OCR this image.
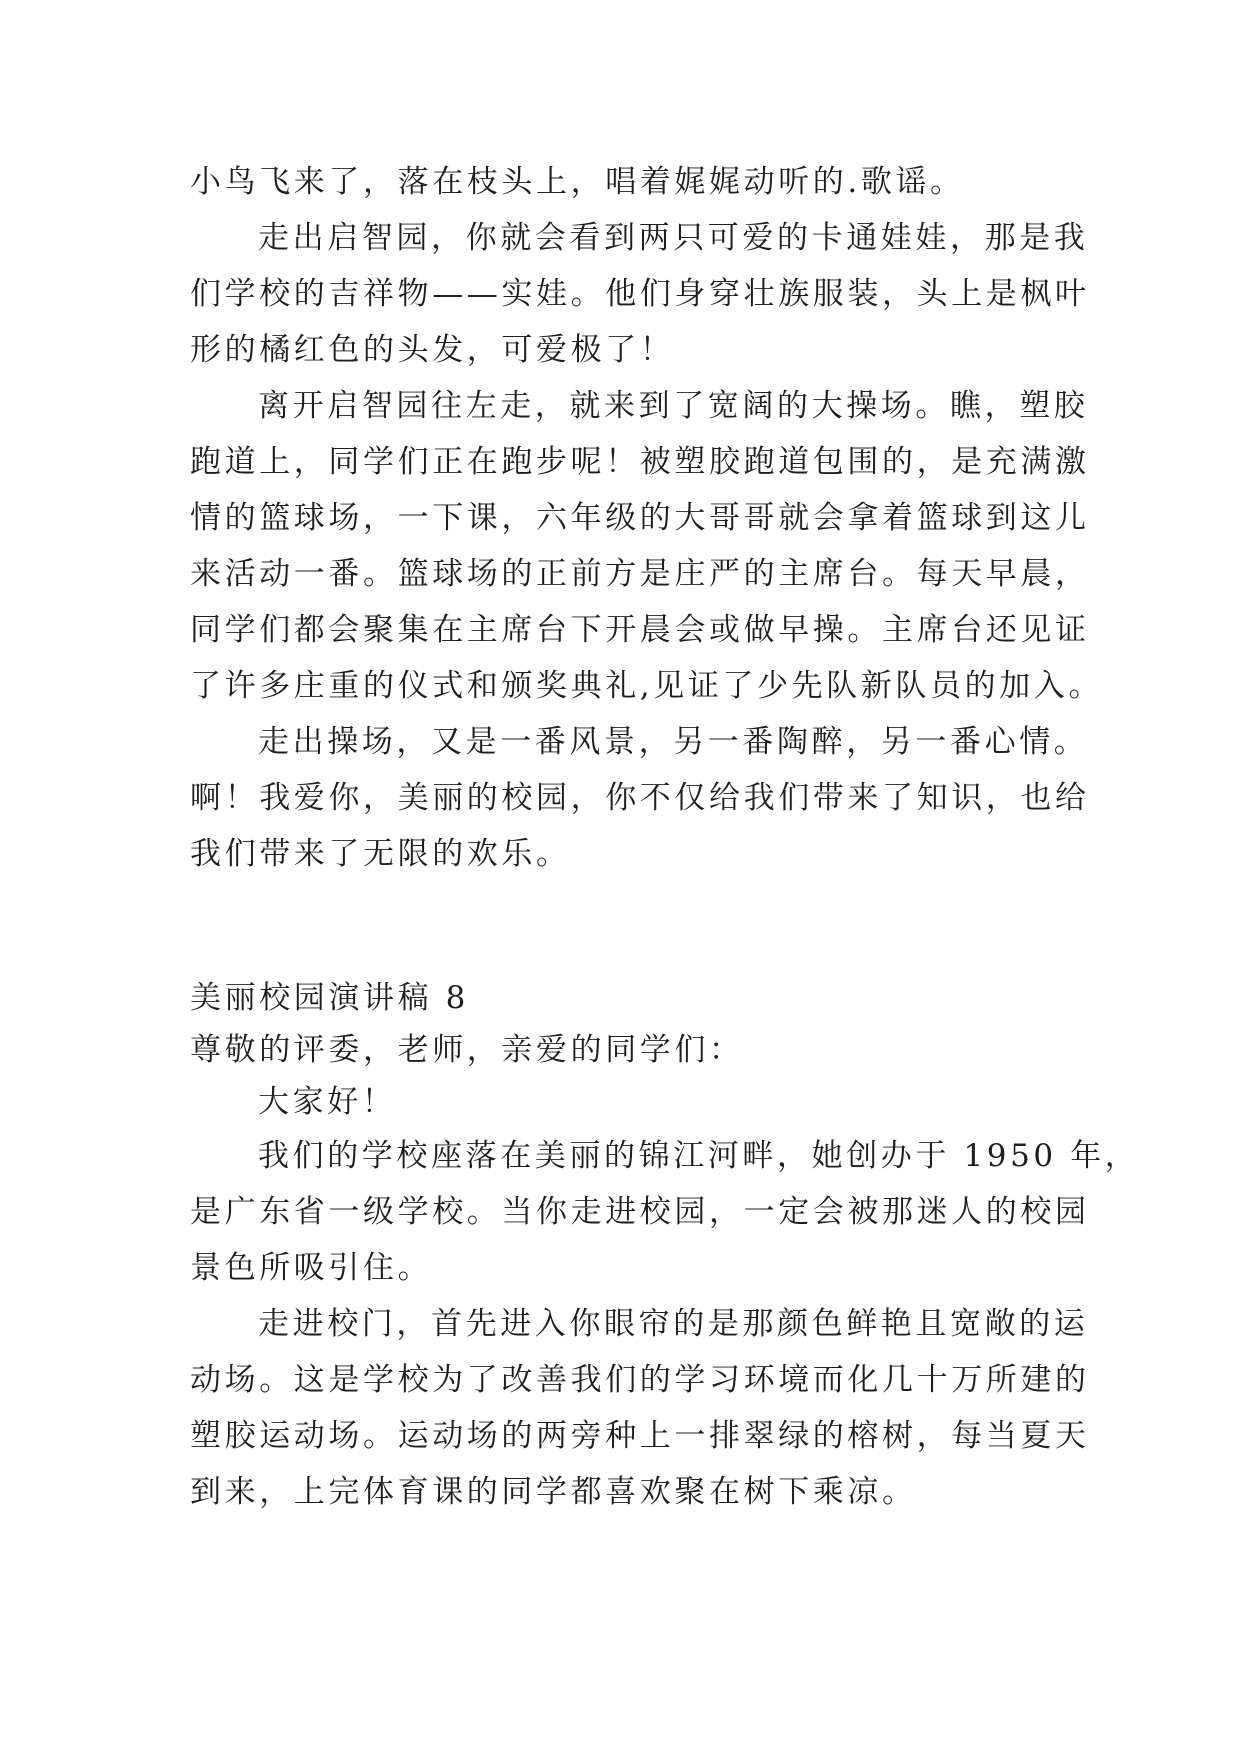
小鸟飞来了，落在枝头上，唱着娓娓动听的.歌谣。
走出启智园，你就会看到两只可爱的卡通娃娃，那是我
们学校的吉祥物——实娃。他们身穿壮族服装，头上是枫叶
形的橘红色的头发，可爱极了！
离开启智园往左走，就来到了宽阔的大操场。瞧，塑胶
跑道上，同学们正在跑步呢！被塑胶跑道包围的，是充满激
情的篮球场，一下课，六年级的大哥哥就会拿着篮球到这儿
来活动一番。篮球场的正前方是庄严的主席台。每天早晨，
同学们都会聚集在主席台下开晨会或做早操。主席台还见证
了许多庄重的仪式和颁奖典礼,见证了少先队新队员的加入。
走出操场，又是一番风景，另一番陶醉，另一番心情。
啊！我爱你，美丽的校园，你不仅给我们带来了知识，也给
我们带来了无限的欢乐。
美丽校园演讲稿 8
尊敬的评委，老师，亲爱的同学们：
大家好！
我们的学校座落在美丽的锦江河畔，她创办于 1950 年，
是广东省一级学校。当你走进校园，一定会被那迷人的校园
景色所吸引住。
走进校门，首先进入你眼帘的是那颜色鲜艳且宽敞的运
动场。这是学校为了改善我们的学习环境而化几十万所建的
塑胶运动场。运动场的两旁种上一排翠绿的榕树，每当夏天
到来，上完体育课的同学都喜欢聚在树下乘凉。
